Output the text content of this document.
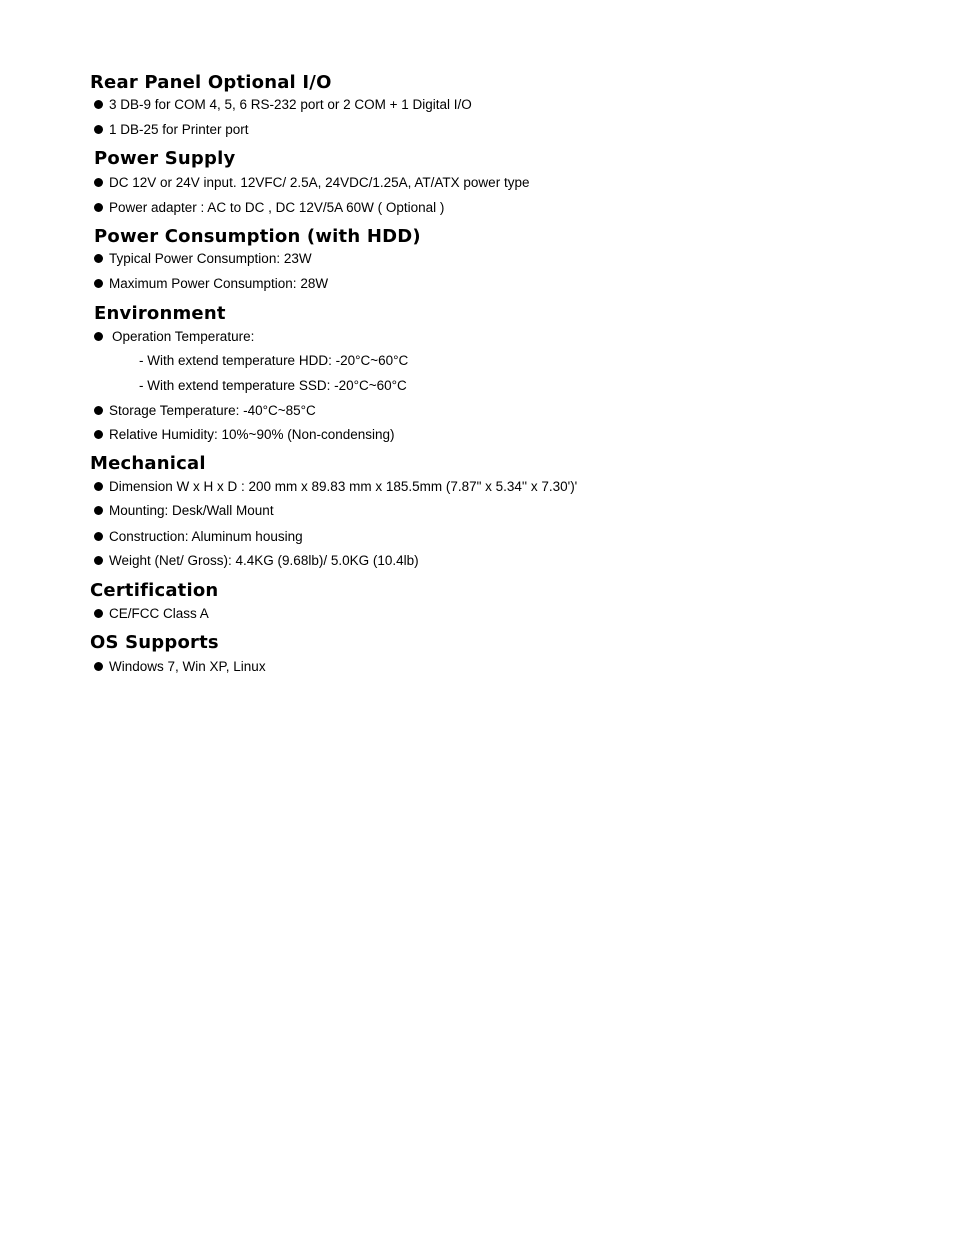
Rear Panel Optional I/O
3 DB-9 for COM 4, 5, 6 RS-232 port or 2 COM + 1 Digital I/O
1 DB-25 for Printer port
Power Supply
DC 12V or 24V input. 12VFC/ 2.5A, 24VDC/1.25A, AT/ATX power type
Power adapter : AC to DC , DC 12V/5A 60W ( Optional )
Power Consumption (with HDD)
Typical Power Consumption: 23W
Maximum Power Consumption: 28W
Environment
Operation Temperature:
- With extend temperature HDD: -20°C~60°C
- With extend temperature SSD: -20°C~60°C
Storage Temperature: -40°C~85°C
Relative Humidity: 10%~90% (Non-condensing)
Mechanical
Dimension W x H x D : 200 mm x 89.83 mm x 185.5mm (7.87" x 5.34'' x 7.30')'
Mounting: Desk/Wall Mount
Construction: Aluminum housing
Weight (Net/ Gross): 4.4KG (9.68lb)/ 5.0KG (10.4lb)
Certification
CE/FCC Class A
OS Supports
Windows 7, Win XP, Linux
